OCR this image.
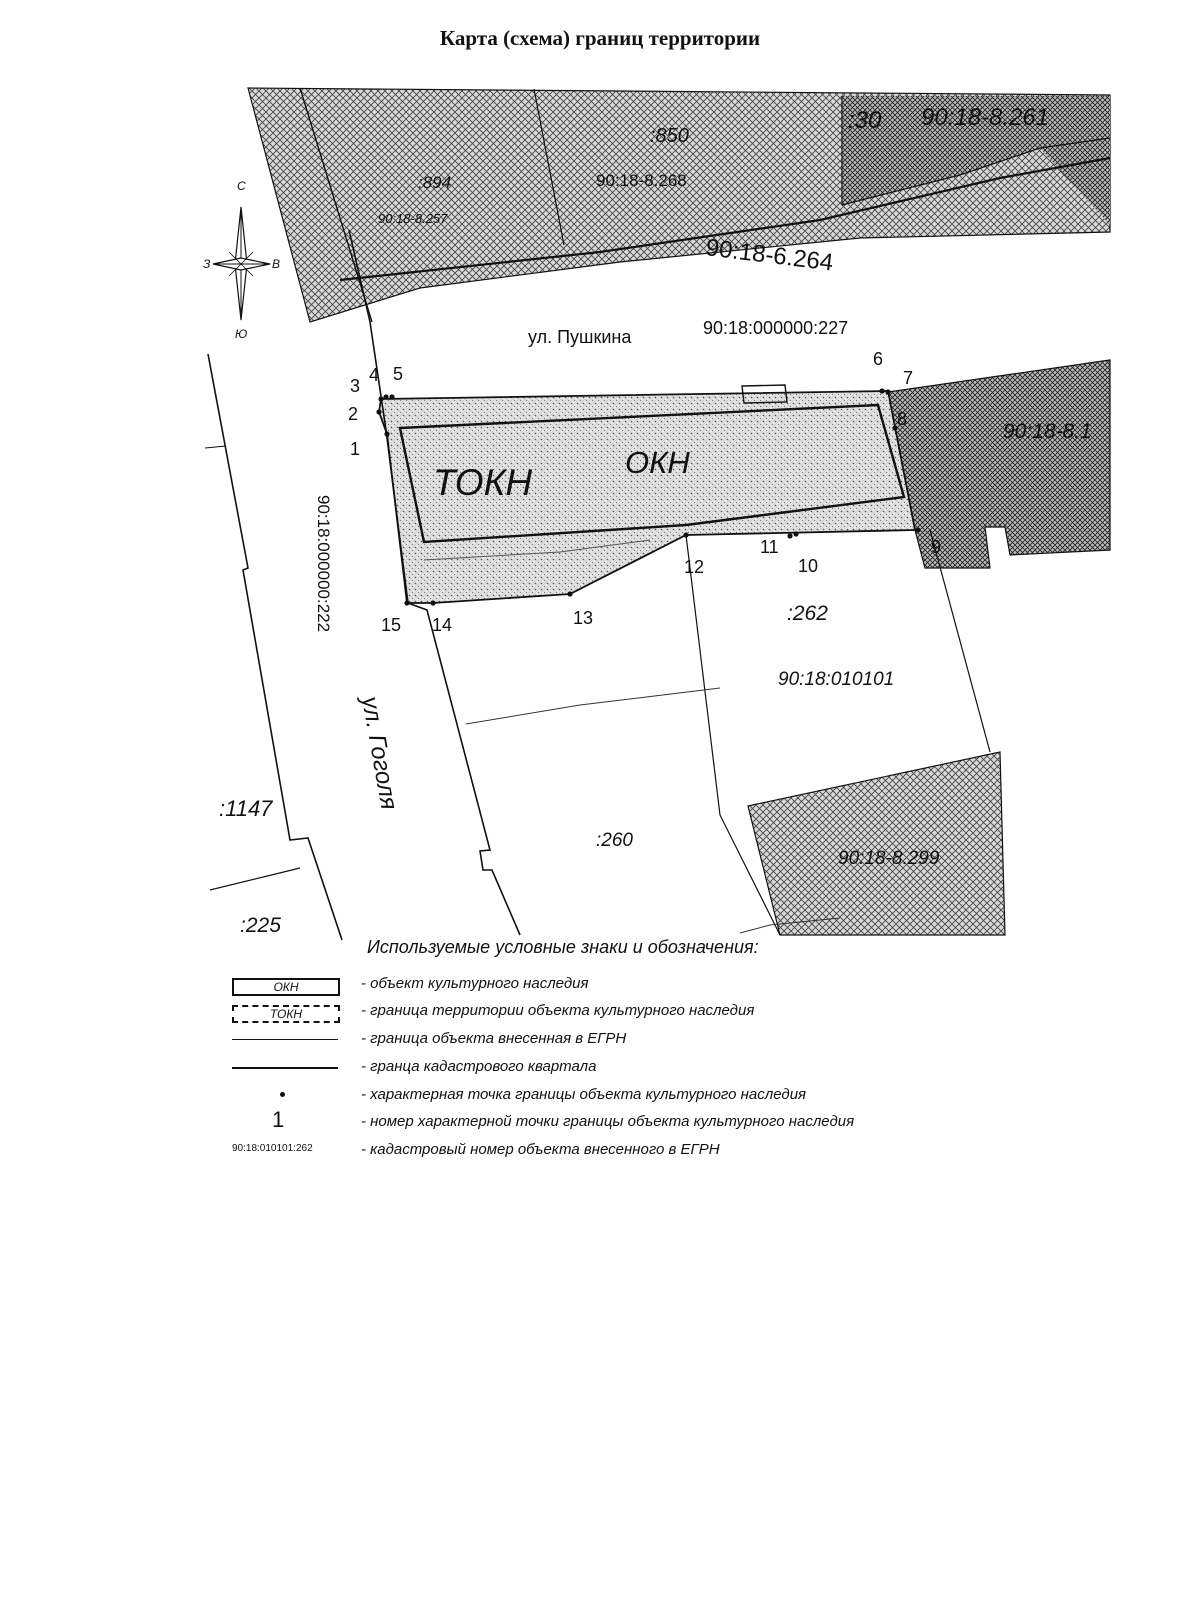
Карта (схема) границ территории
С
Ю
В
З
:894
90:18-8.257
:850
90:18-8.268
:30 90:18-8.261
90:18-6.264
ул. Пушкина	90:18:000000:227
90:18-8.1
ТОКН	ОКН
90:18:000000:222	:262
90:18:010101
ул. Гоголя
:260
90:18-8.299
:1147
:225
1
2
3
4 5
6
7
8
9
10
11
12
13
14
15
Используемые условные знаки и обозначения:
ОКН	- объект культурного наследия
ТОКН	- граница территории объекта культурного наследия
- граница объекта внесенная в ЕГРН
- гранца кадастрового квартала
- характерная точка границы объекта культурного наследия
1	- номер характерной точки границы объекта культурного наследия
90:18:010101:262	- кадастровый номер объекта внесенного в ЕГРН
